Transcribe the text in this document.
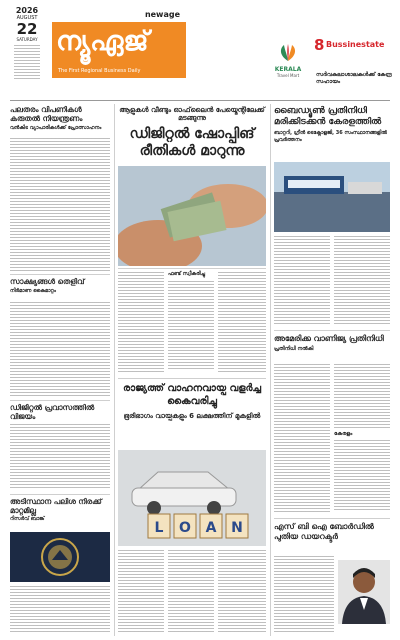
2026
AUGUST
22
SATURDAY
newage
ന്യൂഏജ്
The First Regional Business Daily
8 Bussinestate
KERALA
Travel Mart	സർവകലാശാലകൾക്ക് കേന്ദ്ര സഹായം
പലതരം വിപണികൾ കരുതൽ നിയന്ത്രണം
വൻകിട വ്യാപാരികൾക്ക് പ്രോത്സാഹനം
സാക്ഷ്യങ്ങൾ തെളിവ്
നിർമാണ കൈമാറ്റം
ഡിജിറ്റൽ പ്രവാസത്തിൽ വിജയം
അടിസ്ഥാന പലിശ നിരക്ക് മാറ്റമില്ല
റിസർവ് ബാങ്ക്
ആളുകൾ വീണ്ടും ഓഫ്‌ലൈൻ പേയ്മെന്റിലേക്ക് മടങ്ങുന്നു
ഡിജിറ്റൽ ഷോപ്പിങ് രീതികൾ മാറുന്നു
ഫണ്ട് സ്വീകരിച്ചു
രാജ്യത്ത് വാഹനവായ്പ വളർച്ച കൈവരിച്ചു
ഭൂരിഭാഗം വായ്പകളും 6 ലക്ഷത്തിന് മുകളിൽ
L O A N
ബൈഡ്യൂൺ പ്രതിനിധി മരിക്കിടക്കൻ കേരളത്തിൽ
ബാറ്ററി, ഗ്രീൻ ടെക്നോളജി, 36 സംസ്ഥാനങ്ങളിൽ പ്രവർത്തനം
അമേരിക്ക വാണിജ്യ പ്രതിനിധി
പ്രതിനിധി നൽകി
കേരളം
എസ് ബി ഐ ബോർഡിൽ പുതിയ ഡയറക്ടർ
